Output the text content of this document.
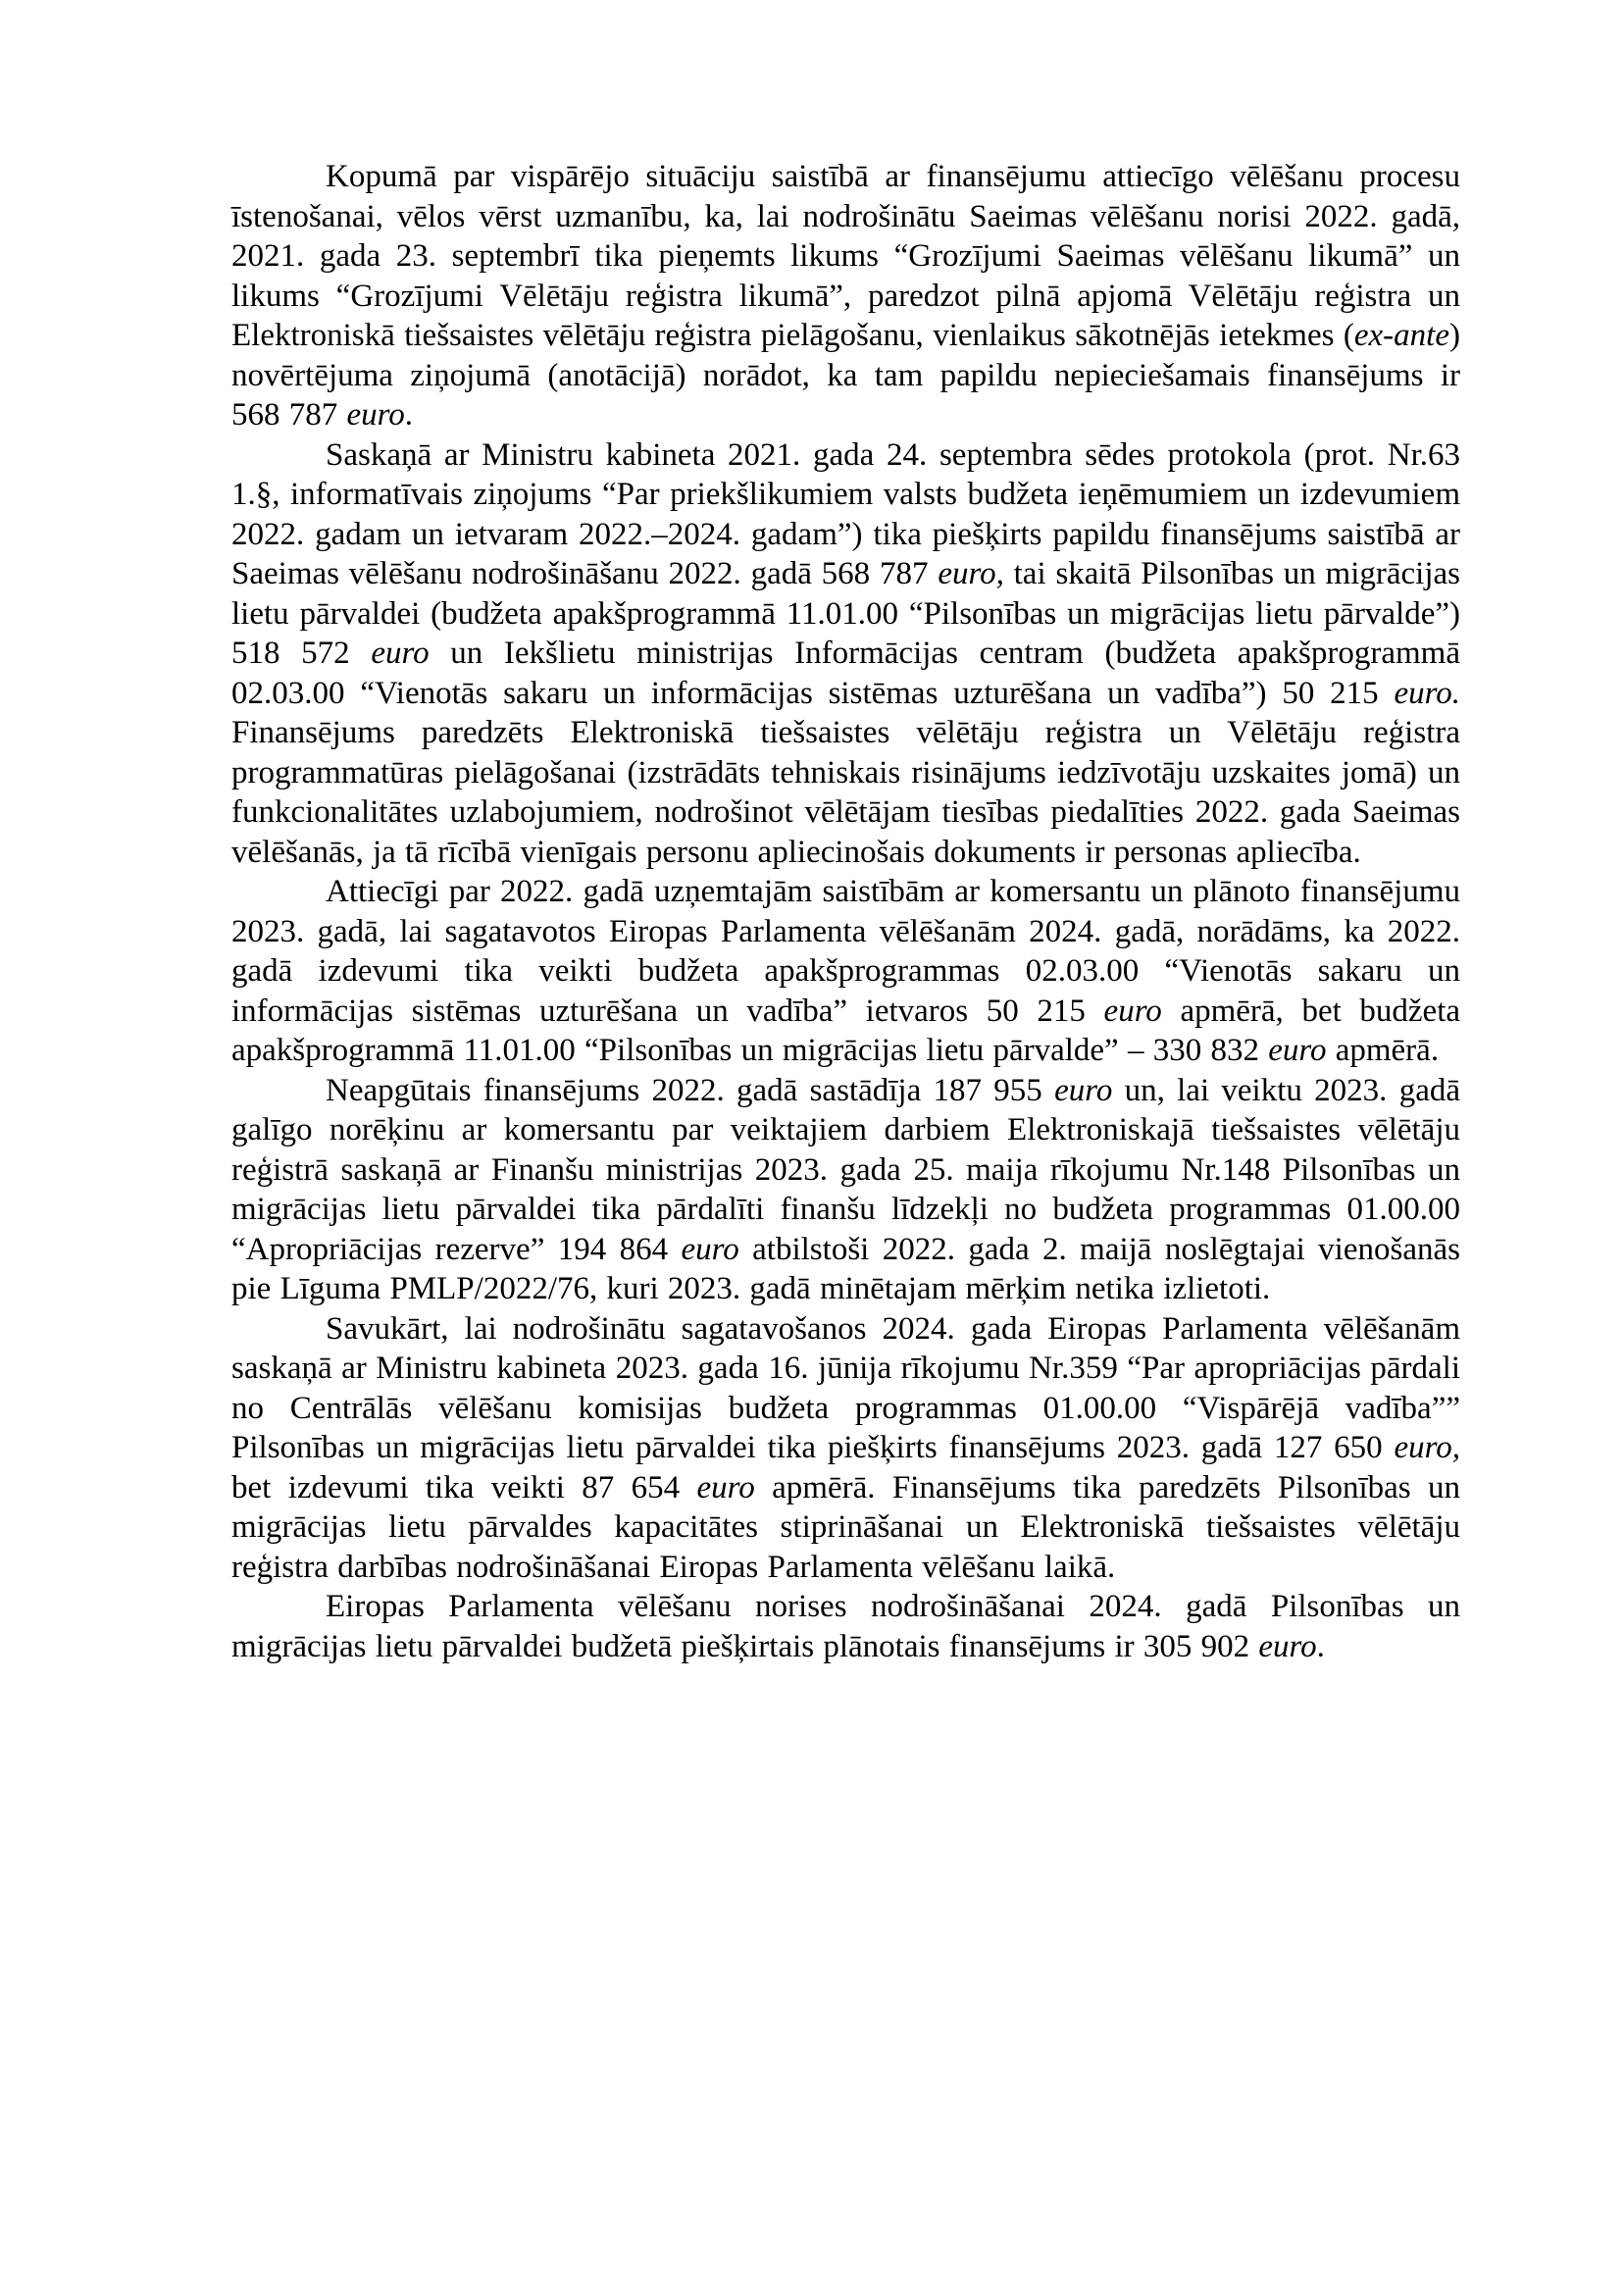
Kopumā par vispārējo situāciju saistībā ar finansējumu attiecīgo vēlēšanu procesu īstenošanai, vēlos vērst uzmanību, ka, lai nodrošinātu Saeimas vēlēšanu norisi 2022. gadā, 2021. gada 23. septembrī tika pieņemts likums “Grozījumi Saeimas vēlēšanu likumā” un likums “Grozījumi Vēlētāju reģistra likumā”, paredzot pilnā apjomā Vēlētāju reģistra un Elektroniskā tiešsaistes vēlētāju reģistra pielāgošanu, vienlaikus sākotnējās ietekmes (ex-ante) novērtējuma ziņojumā (anotācijā) norādot, ka tam papildu nepieciešamais finansējums ir 568 787 euro.

Saskaņā ar Ministru kabineta 2021. gada 24. septembra sēdes protokola (prot. Nr.63 1.§, informatīvais ziņojums “Par priekšlikumiem valsts budžeta ieņēmumiem un izdevumiem 2022. gadam un ietvaram 2022.–2024. gadam”) tika piešķirts papildu finansējums saistībā ar Saeimas vēlēšanu nodrošināšanu 2022. gadā 568 787 euro, tai skaitā Pilsonības un migrācijas lietu pārvaldei (budžeta apakšprogrammā 11.01.00 “Pilsonības un migrācijas lietu pārvalde”) 518 572 euro un Iekšlietu ministrijas Informācijas centram (budžeta apakšprogrammā 02.03.00 “Vienotās sakaru un informācijas sistēmas uzturēšana un vadība”) 50 215 euro. Finansējums paredzēts Elektroniskā tiešsaistes vēlētāju reģistra un Vēlētāju reģistra programmatūras pielāgošanai (izstrādāts tehniskais risinājums iedzīvotāju uzskaites jomā) un funkcionalitātes uzlabojumiem, nodrošinot vēlētājam tiesības piedalīties 2022. gada Saeimas vēlēšanās, ja tā rīcībā vienīgais personu apliecinošais dokuments ir personas apliecība.

Attiecīgi par 2022. gadā uzņemtajām saistībām ar komersantu un plānoto finansējumu 2023. gadā, lai sagatavotos Eiropas Parlamenta vēlēšanām 2024. gadā, norādāms, ka 2022. gadā izdevumi tika veikti budžeta apakšprogrammas 02.03.00 “Vienotās sakaru un informācijas sistēmas uzturēšana un vadība” ietvaros 50 215 euro apmērā, bet budžeta apakšprogrammā 11.01.00 “Pilsonības un migrācijas lietu pārvalde” – 330 832 euro apmērā.

Neapgūtais finansējums 2022. gadā sastādīja 187 955 euro un, lai veiktu 2023. gadā galīgo norēķinu ar komersantu par veiktajiem darbiem Elektroniskajā tiešsaistes vēlētāju reģistrā saskaņā ar Finanšu ministrijas 2023. gada 25. maija rīkojumu Nr.148 Pilsonības un migrācijas lietu pārvaldei tika pārdalīti finanšu līdzekļi no budžeta programmas 01.00.00 “Apropriācijas rezerve” 194 864 euro atbilstoši 2022. gada 2. maijā noslēgtajai vienošanās pie Līguma PMLP/2022/76, kuri 2023. gadā minētajam mērķim netika izlietoti.

Savukārt, lai nodrošinātu sagatavošanos 2024. gada Eiropas Parlamenta vēlēšanām saskaņā ar Ministru kabineta 2023. gada 16. jūnija rīkojumu Nr.359 “Par apropriācijas pārdali no Centrālās vēlēšanu komisijas budžeta programmas 01.00.00 “Vispārējā vadība”” Pilsonības un migrācijas lietu pārvaldei tika piešķirts finansējums 2023. gadā 127 650 euro, bet izdevumi tika veikti 87 654 euro apmērā. Finansējums tika paredzēts Pilsonības un migrācijas lietu pārvaldes kapacitātes stiprināšanai un Elektroniskā tiešsaistes vēlētāju reģistra darbības nodrošināšanai Eiropas Parlamenta vēlēšanu laikā.

Eiropas Parlamenta vēlēšanu norises nodrošināšanai 2024. gadā Pilsonības un migrācijas lietu pārvaldei budžetā piešķirtais plānotais finansējums ir 305 902 euro.
